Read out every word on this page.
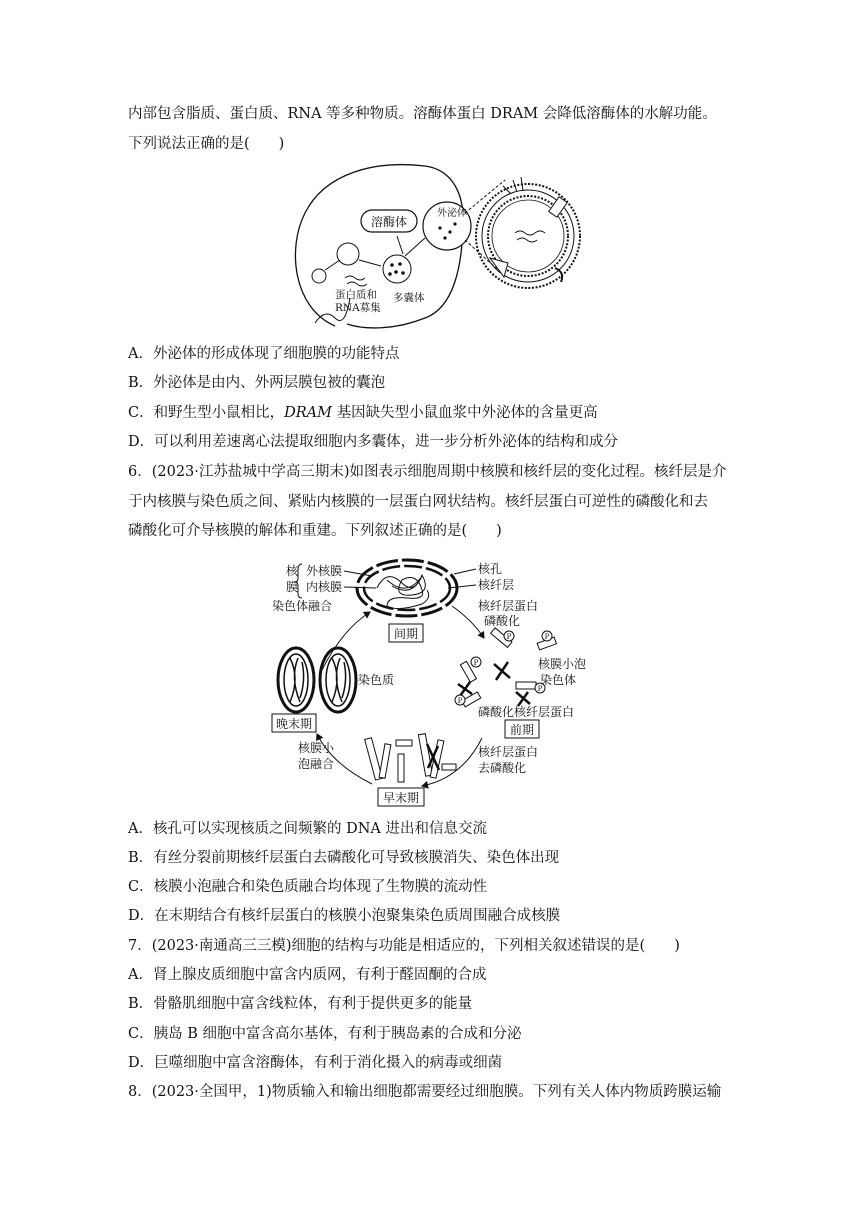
内部包含脂质、蛋白质、RNA 等多种物质。溶酶体蛋白 DRAM 会降低溶酶体的水解功能。
下列说法正确的是(　　)
溶酶体
外泌体
蛋白质和
RNA募集
多囊体
A．外泌体的形成体现了细胞膜的功能特点
B．外泌体是由内、外两层膜包被的囊泡
C．和野生型小鼠相比，DRAM 基因缺失型小鼠血浆中外泌体的含量更高
D．可以利用差速离心法提取细胞内多囊体，进一步分析外泌体的结构和成分
6．(2023·江苏盐城中学高三期末)如图表示细胞周期中核膜和核纤层的变化过程。核纤层是介
于内核膜与染色质之间、紧贴内核膜的一层蛋白网状结构。核纤层蛋白可逆性的磷酸化和去
磷酸化可介导核膜的解体和重建。下列叙述正确的是(　　)
核
膜
外核膜
内核膜
核孔
核纤层
间期
核纤层蛋白
磷酸化
染色体融合
染色质
晚末期
P	P
P
P
P
核膜小泡
染色体
磷酸化核纤层蛋白
前期
核纤层蛋白
去磷酸化
核膜小
泡融合
早末期
A．核孔可以实现核质之间频繁的 DNA 进出和信息交流
B．有丝分裂前期核纤层蛋白去磷酸化可导致核膜消失、染色体出现
C．核膜小泡融合和染色质融合均体现了生物膜的流动性
D．在末期结合有核纤层蛋白的核膜小泡聚集染色质周围融合成核膜
7．(2023·南通高三三模)细胞的结构与功能是相适应的，下列相关叙述错误的是(　　)
A．肾上腺皮质细胞中富含内质网，有利于醛固酮的合成
B．骨骼肌细胞中富含线粒体，有利于提供更多的能量
C．胰岛 B 细胞中富含高尔基体，有利于胰岛素的合成和分泌
D．巨噬细胞中富含溶酶体，有利于消化摄入的病毒或细菌
8．(2023·全国甲，1)物质输入和输出细胞都需要经过细胞膜。下列有关人体内物质跨膜运输
